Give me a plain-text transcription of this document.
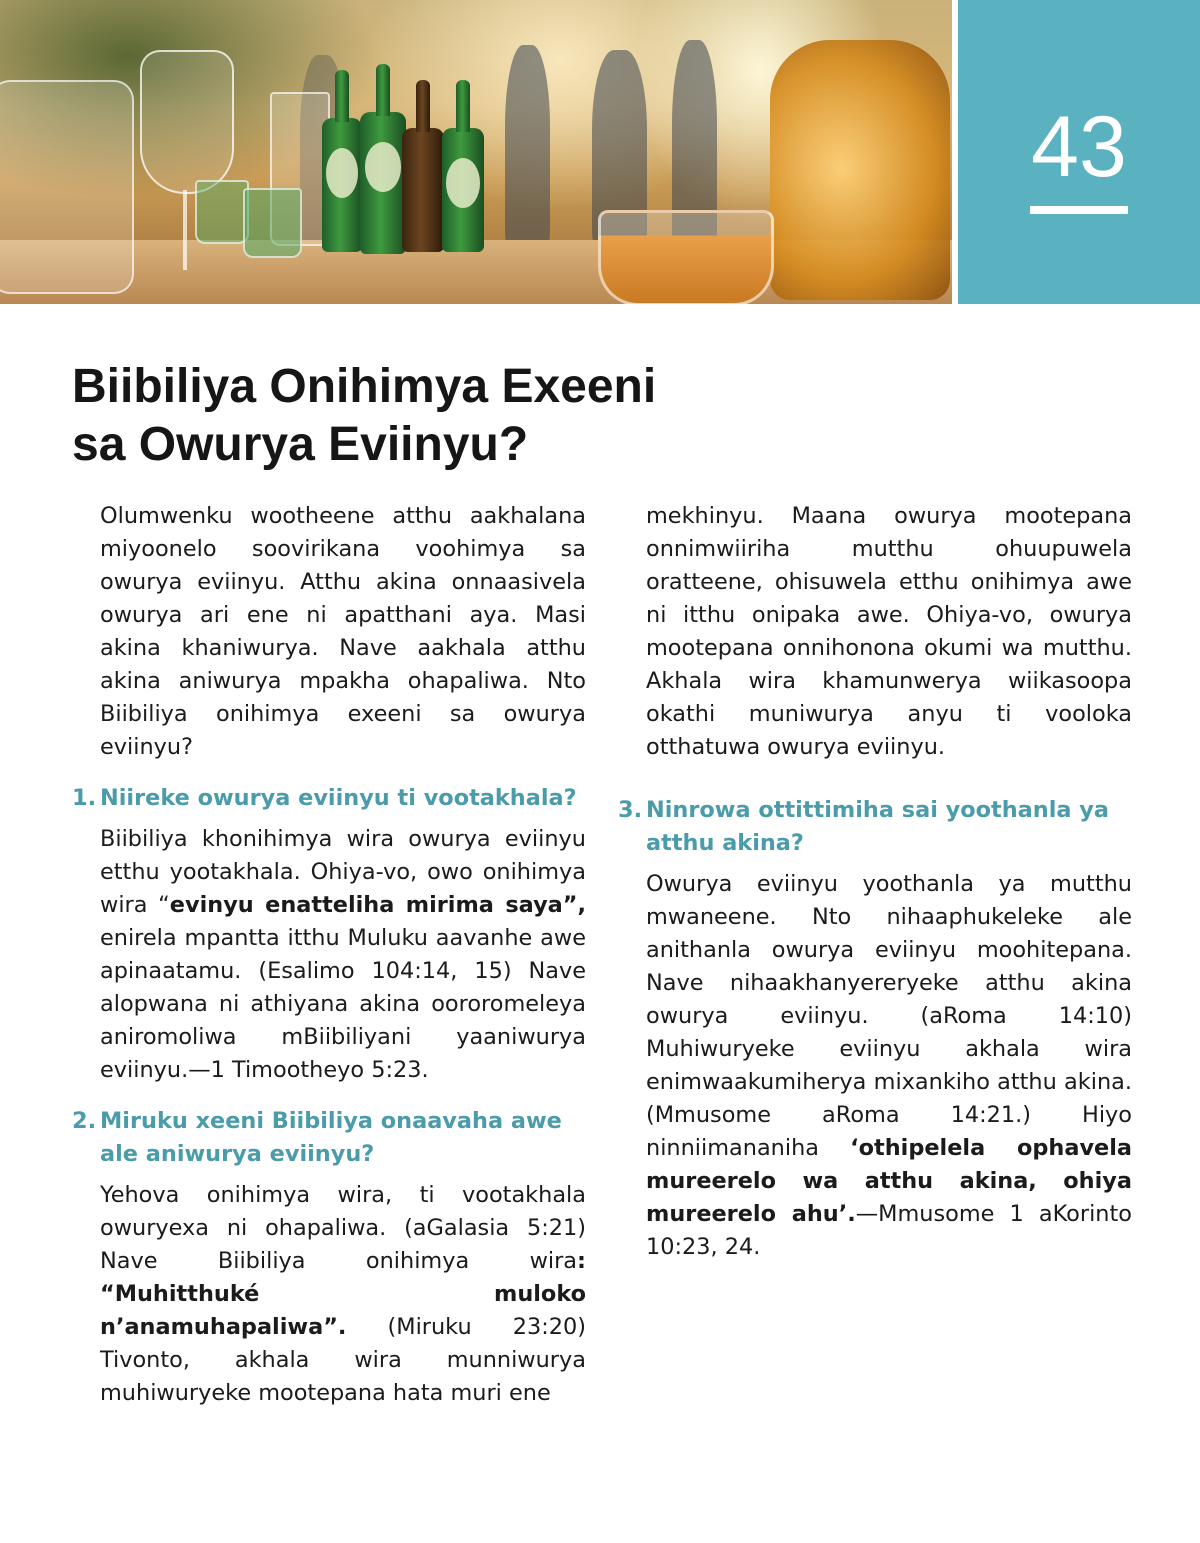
43
Biibiliya Onihimya Exeeni
sa Owurya Eviinyu?

Olumwenku wootheene atthu aakhalana miyoonelo soovirikana voohimya sa owurya eviinyu. Atthu akina onnaasivela owurya ari ene ni apatthani aya. Masi akina khaniwurya. Nave aakhala atthu akina aniwurya mpakha ohapaliwa. Nto Biibiliya onihimya exeeni sa owurya eviinyu?

1. Niireke owurya eviinyu ti vootakhala?

Biibiliya khonihimya wira owurya eviinyu etthu yootakhala. Ohiya-vo, owo onihimya wira “evinyu enatteliha mirima saya”, enirela mpantta itthu Muluku aavanhe awe apinaatamu. (Esalimo 104:14, 15) Nave alopwana ni athiyana akina oororomeleya aniromoliwa mBiibiliyani yaaniwurya eviinyu.—1 Timootheyo 5:23.

2. Miruku xeeni Biibiliya onaavaha awe ale aniwurya eviinyu?

Yehova onihimya wira, ti vootakhala owuryexa ni ohapaliwa. (aGalasia 5:21) Nave Biibiliya onihimya wira: “Muhitthuké muloko n’anamuhapaliwa”. (Miruku 23:20) Tivonto, akhala wira munniwurya muhiwuryeke mootepana hata muri ene

mekhinyu. Maana owurya mootepana onnimwiiriha mutthu ohuupuwela oratteene, ohisuwela etthu onihimya awe ni itthu onipaka awe. Ohiya-vo, owurya mootepana onnihonona okumi wa mutthu. Akhala wira khamunwerya wiikasoopa okathi muniwurya anyu ti vooloka otthatuwa owurya eviinyu.

3. Ninrowa ottittimiha sai yoothanla ya atthu akina?

Owurya eviinyu yoothanla ya mutthu mwaneene. Nto nihaaphukeleke ale anithanla owurya eviinyu moohitepana. Nave nihaakhanyereryeke atthu akina owurya eviinyu. (aRoma 14:10) Muhiwuryeke eviinyu akhala wira enimwaakumiherya mixankiho atthu akina. (Mmusome aRoma 14:21.) Hiyo ninniimananiha ‘othipelela ophavela mureerelo wa atthu akina, ohiya mureerelo ahu’.—Mmusome 1 aKorinto 10:23, 24.
